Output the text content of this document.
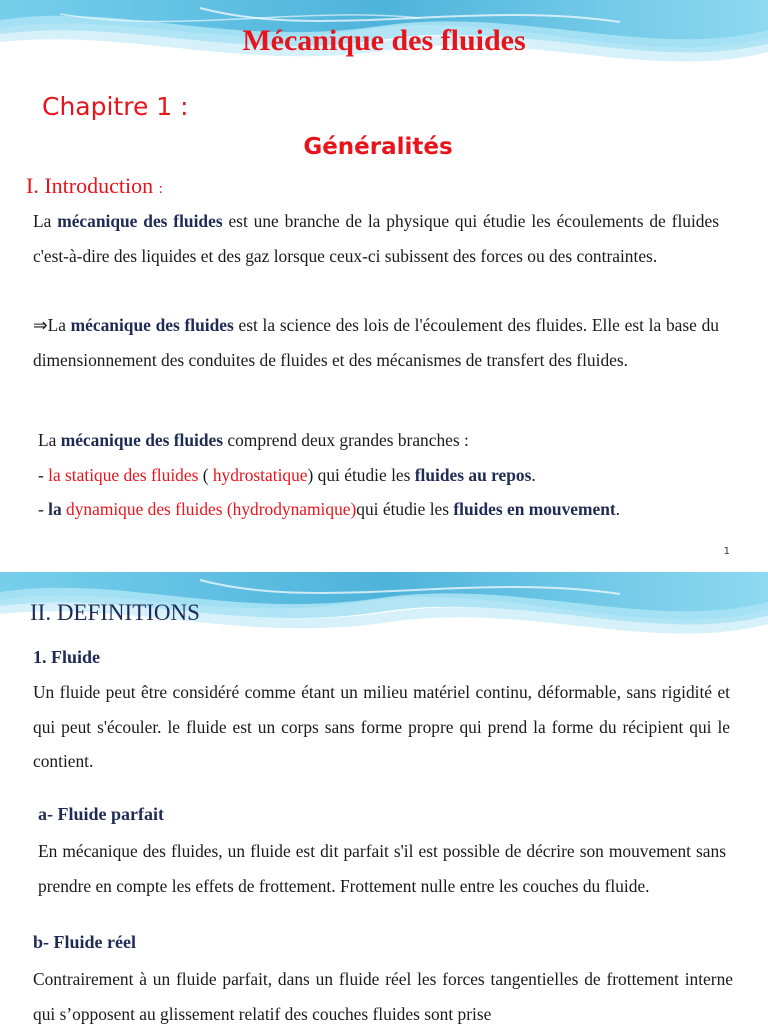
Mécanique des fluides
Chapitre 1 :
Généralités
I. Introduction :

La mécanique des fluides est une branche de la physique qui étudie les écoulements de fluides c'est-à-dire des liquides et des gaz lorsque ceux-ci subissent des forces ou des contraintes.

⇒La mécanique des fluides est la science des lois de l'écoulement des fluides. Elle est la base du dimensionnement des conduites de fluides et des mécanismes de transfert des fluides.

La mécanique des fluides comprend deux grandes branches :
- la statique des fluides ( hydrostatique) qui étudie les fluides au repos.
- la dynamique des fluides (hydrodynamique)qui étudie les fluides en mouvement.

1
II. DEFINITIONS
1. Fluide

Un fluide peut être considéré comme étant un milieu matériel continu, déformable, sans rigidité et qui peut s'écouler. le fluide est un corps sans forme propre qui prend la forme du récipient qui le contient.

a- Fluide parfait

En mécanique des fluides, un fluide est dit parfait s'il est possible de décrire son mouvement sans prendre en compte les effets de frottement. Frottement nulle entre les couches du fluide.

b- Fluide réel

Contrairement à un fluide parfait, dans un fluide réel les forces tangentielles de frottement interne qui s’opposent au glissement relatif des couches fluides sont prise
